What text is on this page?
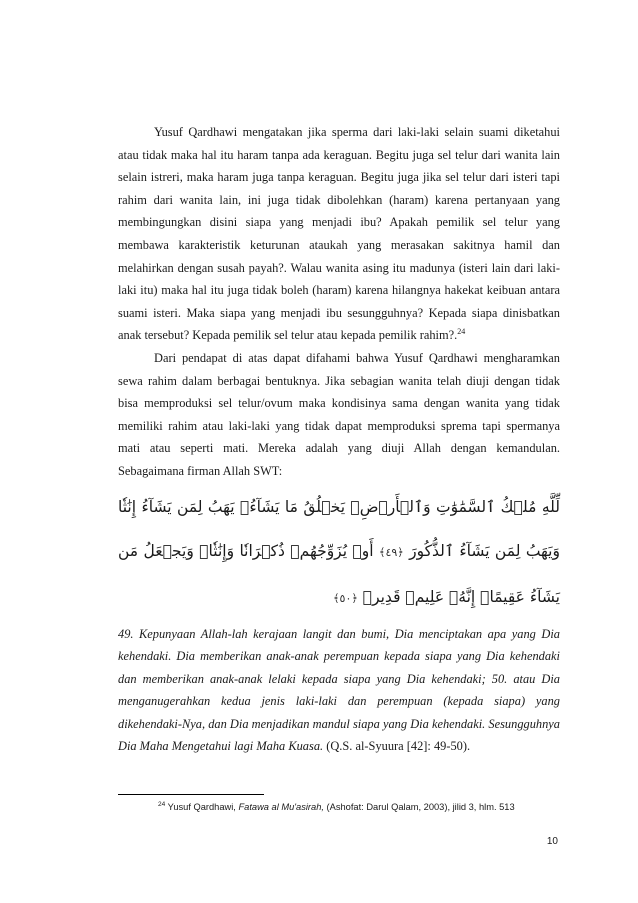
Yusuf Qardhawi mengatakan jika sperma dari laki-laki selain suami diketahui atau tidak maka hal itu haram tanpa ada keraguan. Begitu juga sel telur dari wanita lain selain istreri, maka haram juga tanpa keraguan. Begitu juga jika sel telur dari isteri tapi rahim dari wanita lain, ini juga tidak dibolehkan (haram) karena pertanyaan yang membingungkan disini siapa yang menjadi ibu? Apakah pemilik sel telur yang membawa karakteristik keturunan ataukah yang merasakan sakitnya hamil dan melahirkan dengan susah payah?. Walau wanita asing itu madunya (isteri lain dari laki-laki itu) maka hal itu juga tidak boleh (haram) karena hilangnya hakekat keibuan antara suami isteri. Maka siapa yang menjadi ibu sesungguhnya? Kepada siapa dinisbatkan anak tersebut? Kepada pemilik sel telur atau kepada pemilik rahim?.$^{24}$

Dari pendapat di atas dapat difahami bahwa Yusuf Qardhawi mengharamkan sewa rahim dalam berbagai bentuknya. Jika sebagian wanita telah diuji dengan tidak bisa memproduksi sel telur/ovum maka kondisinya sama dengan wanita yang tidak memiliki rahim atau laki-laki yang tidak dapat memproduksi sprema tapi spermanya mati atau seperti mati. Mereka adalah yang diuji Allah dengan kemandulan. Sebagaimana firman Allah SWT:

لِّلَّهِ مُلۡكُ ٱلسَّمَٰوَٰتِ وَٱلۡأَرۡضِۚ يَخۡلُقُ مَا يَشَآءُۚ يَهَبُ لِمَن يَشَآءُ إِنَٰثٗا وَيَهَبُ لِمَن يَشَآءُ ٱلذُّكُورَ ﴿٤٩﴾ أَوۡ يُزَوِّجُهُمۡ ذُكۡرَانٗا وَإِنَٰثٗاۖ وَيَجۡعَلُ مَن يَشَآءُ عَقِيمًاۚ إِنَّهُۥ عَلِيمٞ قَدِيرٞ ﴿٥٠﴾

49. Kepunyaan Allah-lah kerajaan langit dan bumi, Dia menciptakan apa yang Dia kehendaki. Dia memberikan anak-anak perempuan kepada siapa yang Dia kehendaki dan memberikan anak-anak lelaki kepada siapa yang Dia kehendaki; 50. atau Dia menganugerahkan kedua jenis laki-laki dan perempuan (kepada siapa) yang dikehendaki-Nya, dan Dia menjadikan mandul siapa yang Dia kehendaki. Sesungguhnya Dia Maha Mengetahui lagi Maha Kuasa. (Q.S. al-Syuura [42]: 49-50).

$^{24}$ Yusuf Qardhawi, Fatawa al Mu'asirah, (Ashofat: Darul Qalam, 2003), jilid 3, hlm. 513
10
